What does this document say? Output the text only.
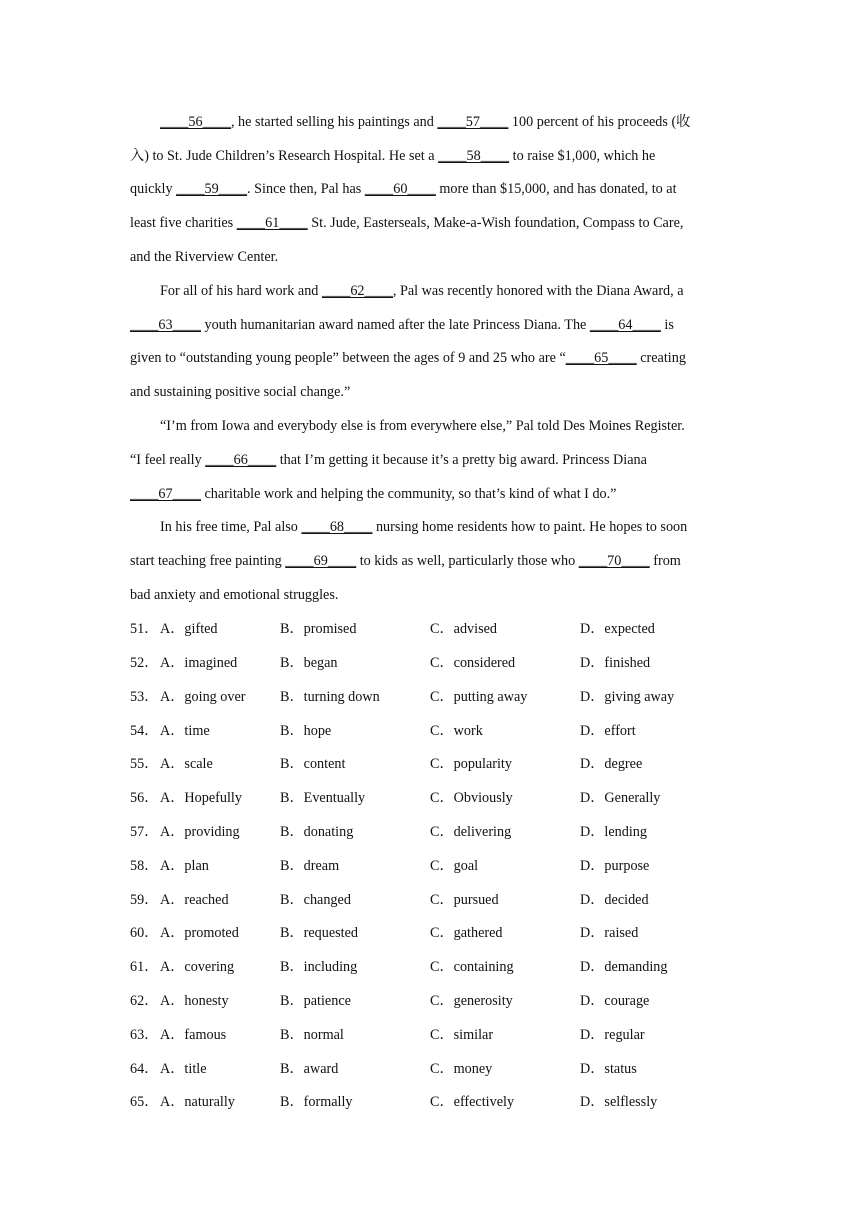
____56____, he started selling his paintings and ____57____ 100 percent of his proceeds (收
入) to St. Jude Children’s Research Hospital. He set a ____58____ to raise $1,000, which he
quickly ____59____. Since then, Pal has ____60____ more than $15,000, and has donated, to at
least five charities ____61____ St. Jude, Easterseals, Make-a-Wish foundation, Compass to Care,
and the Riverview Center.
For all of his hard work and ____62____, Pal was recently honored with the Diana Award, a
____63____ youth humanitarian award named after the late Princess Diana. The ____64____ is
given to “outstanding young people” between the ages of 9 and 25 who are “____65____ creating
and sustaining positive social change.”
“I’m from Iowa and everybody else is from everywhere else,” Pal told Des Moines Register.
“I feel really ____66____ that I’m getting it because it’s a pretty big award. Princess Diana
____67____ charitable work and helping the community, so that’s kind of what I do.”
In his free time, Pal also ____68____ nursing home residents how to paint. He hopes to soon
start teaching free painting ____69____ to kids as well, particularly those who ____70____ from
bad anxiety and emotional struggles.
51． A．gifted	B．promised	C．advised	D．expected
52． A．imagined	B．began	C．considered	D．finished
53． A．going over B．turning down	C．putting away	D．giving away
54． A．time	B．hope	C．work	D．effort
55． A．scale	B．content	C．popularity	D．degree
56． A．Hopefully	B．Eventually	C．Obviously	D．Generally
57． A．providing	B．donating	C．delivering	D．lending
58． A．plan	B．dream	C．goal	D．purpose
59． A．reached	B．changed	C．pursued	D．decided
60． A．promoted	B．requested	C．gathered	D．raised
61． A．covering	B．including	C．containing	D．demanding
62． A．honesty	B．patience	C．generosity	D．courage
63． A．famous	B．normal	C．similar	D．regular
64． A．title	B．award	C．money	D．status
65． A．naturally	B．formally	C．effectively	D．selflessly
